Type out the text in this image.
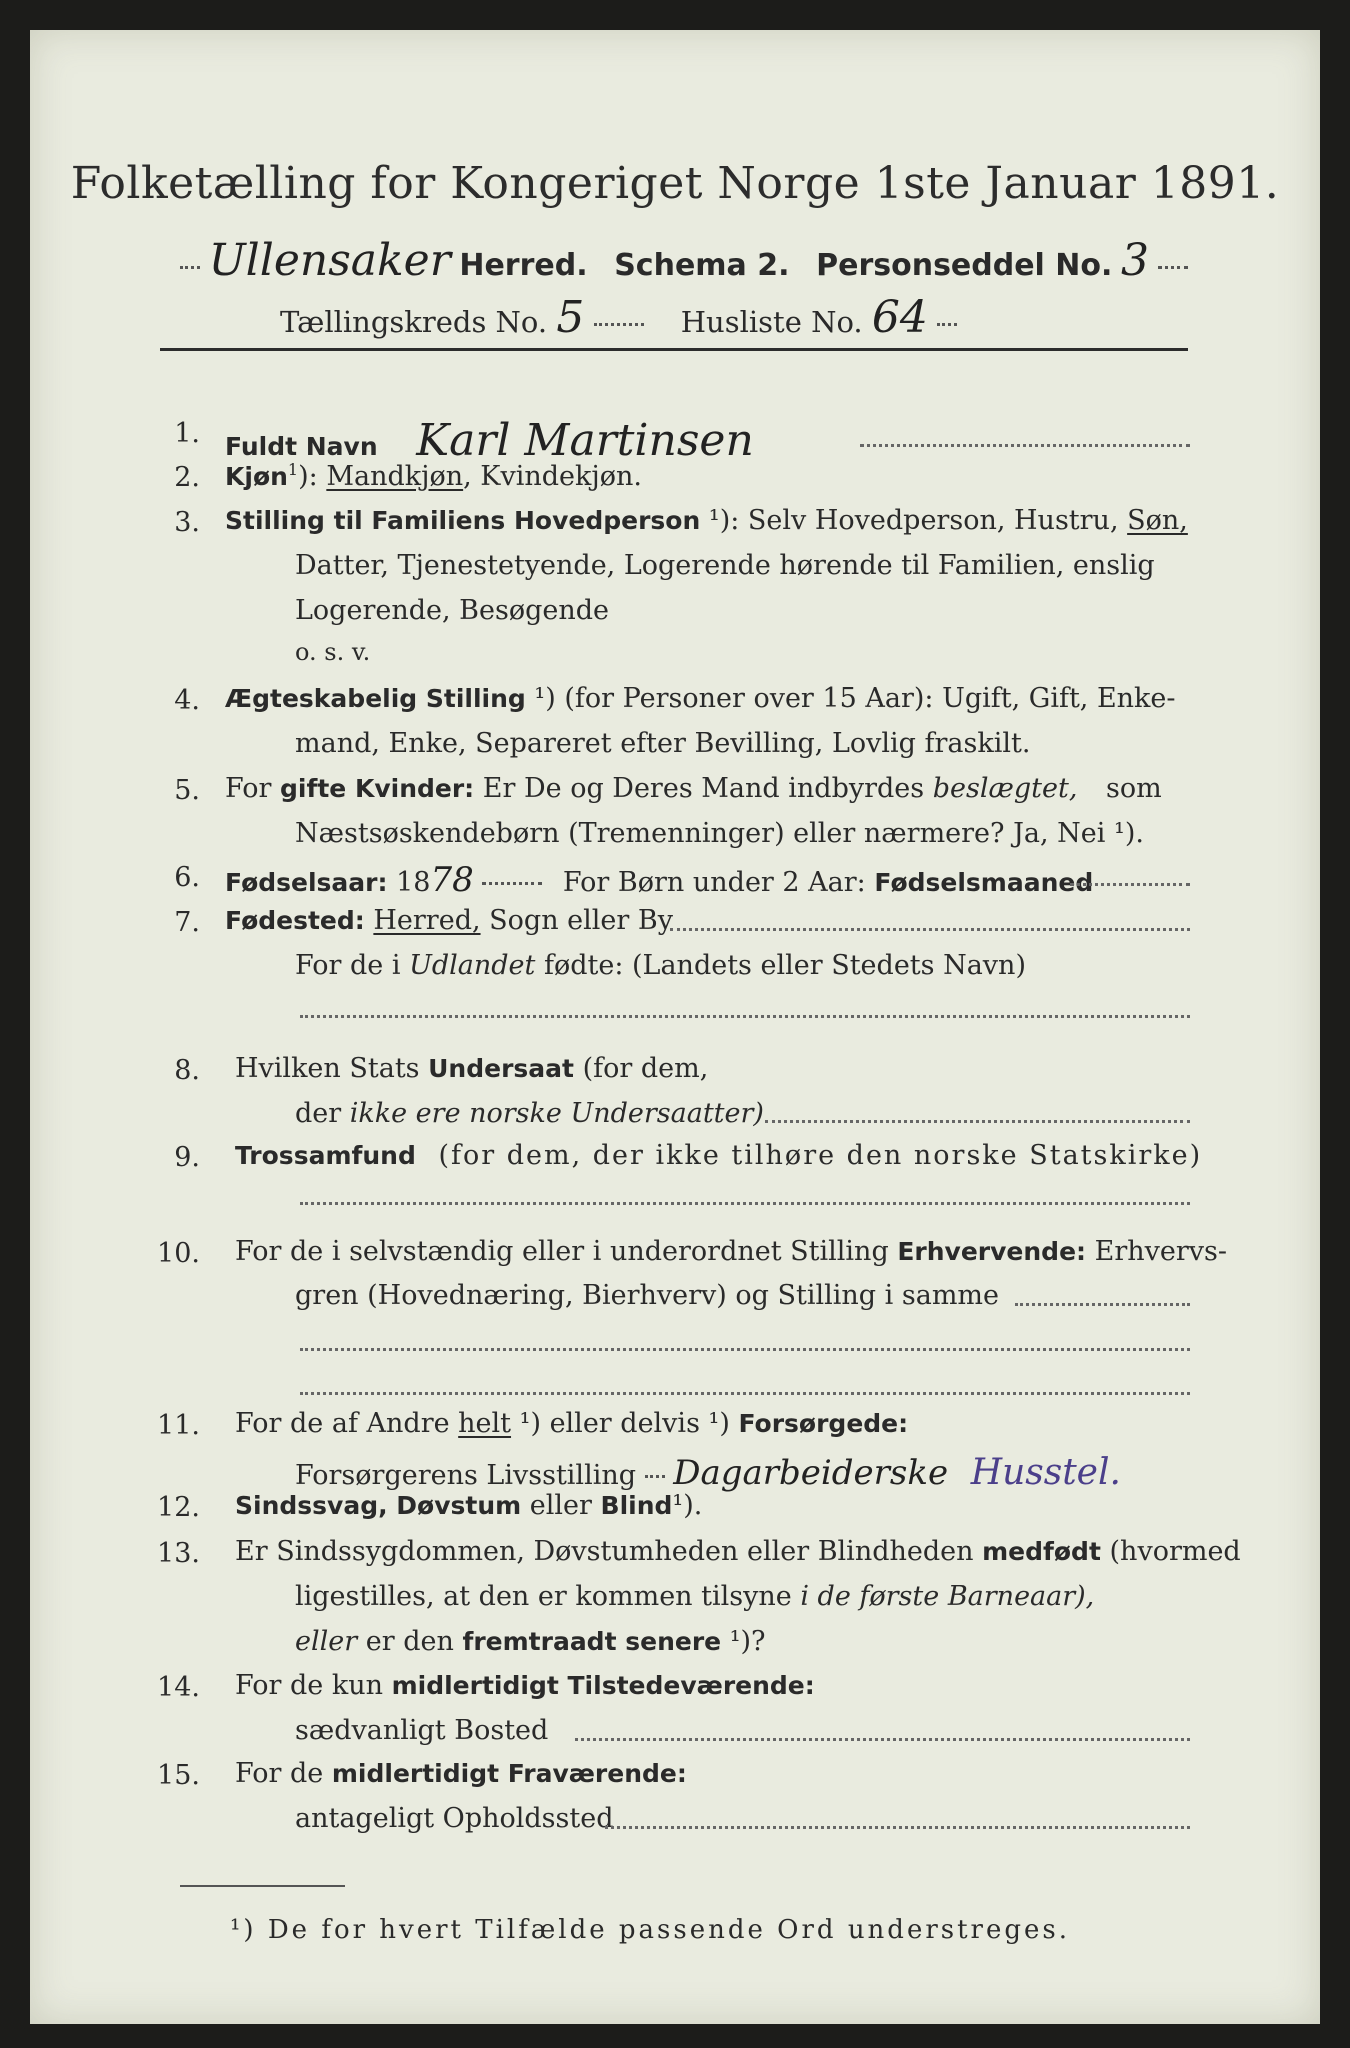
Folketælling for Kongeriget Norge 1ste Januar 1891.
Ullensaker Herred. Schema 2. Personseddel No. 3
Tællingskreds No. 5	Husliste No. 64
1. Fuldt Navn Karl Martinsen
2. Kjøn$^1$): Mandkjøn, Kvindekjøn.
3. Stilling til Familiens Hovedperson ¹): Selv Hovedperson, Hustru, Søn,
Datter, Tjenestetyende, Logerende hørende til Familien, enslig
Logerende, Besøgende
o. s. v.
4. Ægteskabelig Stilling ¹) (for Personer over 15 Aar): Ugift, Gift, Enke-
mand, Enke, Separeret efter Bevilling, Lovlig fraskilt.
5. For gifte Kvinder: Er De og Deres Mand indbyrdes beslægtet, som
Næstsøskendebørn (Tremenninger) eller nærmere? Ja, Nei ¹).
6. Fødselsaar: 1878	For Børn under 2 Aar: Fødselsmaaned
7. Fødested: Herred, Sogn eller By
For de i Udlandet fødte: (Landets eller Stedets Navn)
8. Hvilken Stats Undersaat (for dem,
der ikke ere norske Undersaatter)
9. Trossamfund (for dem, der ikke tilhøre den norske Statskirke)
10. For de i selvstændig eller i underordnet Stilling Erhvervende: Erhvervs-
gren (Hovednæring, Bierhverv) og Stilling i samme
11. For de af Andre helt ¹) eller delvis ¹) Forsørgede:
Forsørgerens Livsstilling Dagarbeiderske Husstel.
12. Sindssvag, Døvstum eller Blind¹).
13. Er Sindssygdommen, Døvstumheden eller Blindheden medfødt (hvormed
ligestilles, at den er kommen tilsyne i de første Barneaar),
eller er den fremtraadt senere ¹)?
14. For de kun midlertidigt Tilstedeværende:
sædvanligt Bosted
15. For de midlertidigt Fraværende:
antageligt Opholdssted
¹) De for hvert Tilfælde passende Ord understreges.
